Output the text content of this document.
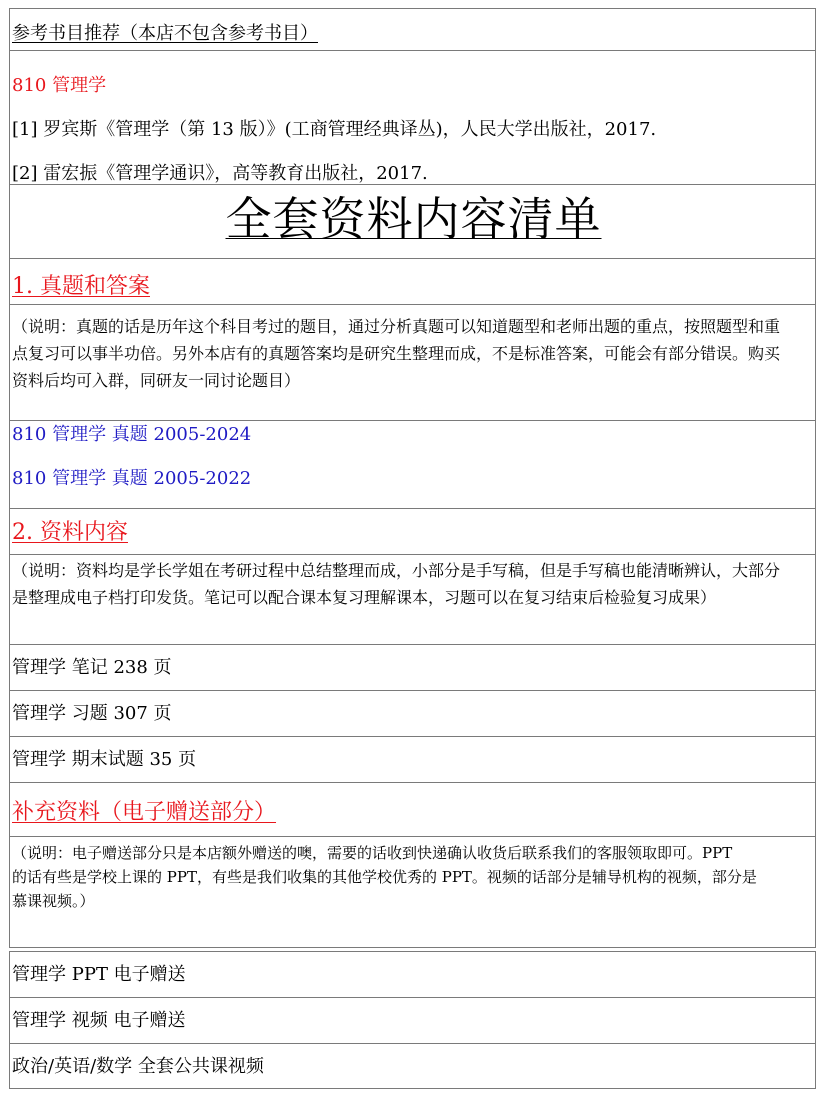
参考书目推荐（本店不包含参考书目）
810 管理学
[1] 罗宾斯《管理学（第 13 版）》(工商管理经典译丛)，人民大学出版社，2017.
[2] 雷宏振《管理学通识》，高等教育出版社，2017.
全套资料内容清单
1. 真题和答案
（说明：真题的话是历年这个科目考过的题目，通过分析真题可以知道题型和老师出题的重点，按照题型和重
点复习可以事半功倍。另外本店有的真题答案均是研究生整理而成，不是标准答案，可能会有部分错误。购买
资料后均可入群，同研友一同讨论题目）
810 管理学 真题 2005-2024
810 管理学 真题 2005-2022
2. 资料内容
（说明：资料均是学长学姐在考研过程中总结整理而成，小部分是手写稿，但是手写稿也能清晰辨认，大部分
是整理成电子档打印发货。笔记可以配合课本复习理解课本，习题可以在复习结束后检验复习成果）
管理学 笔记 238 页
管理学 习题 307 页
管理学 期末试题 35 页
补充资料（电子赠送部分）
（说明：电子赠送部分只是本店额外赠送的噢，需要的话收到快递确认收货后联系我们的客服领取即可。PPT
的话有些是学校上课的 PPT，有些是我们收集的其他学校优秀的 PPT。视频的话部分是辅导机构的视频，部分是
慕课视频。）
管理学 PPT 电子赠送
管理学 视频 电子赠送
政治/英语/数学 全套公共课视频
